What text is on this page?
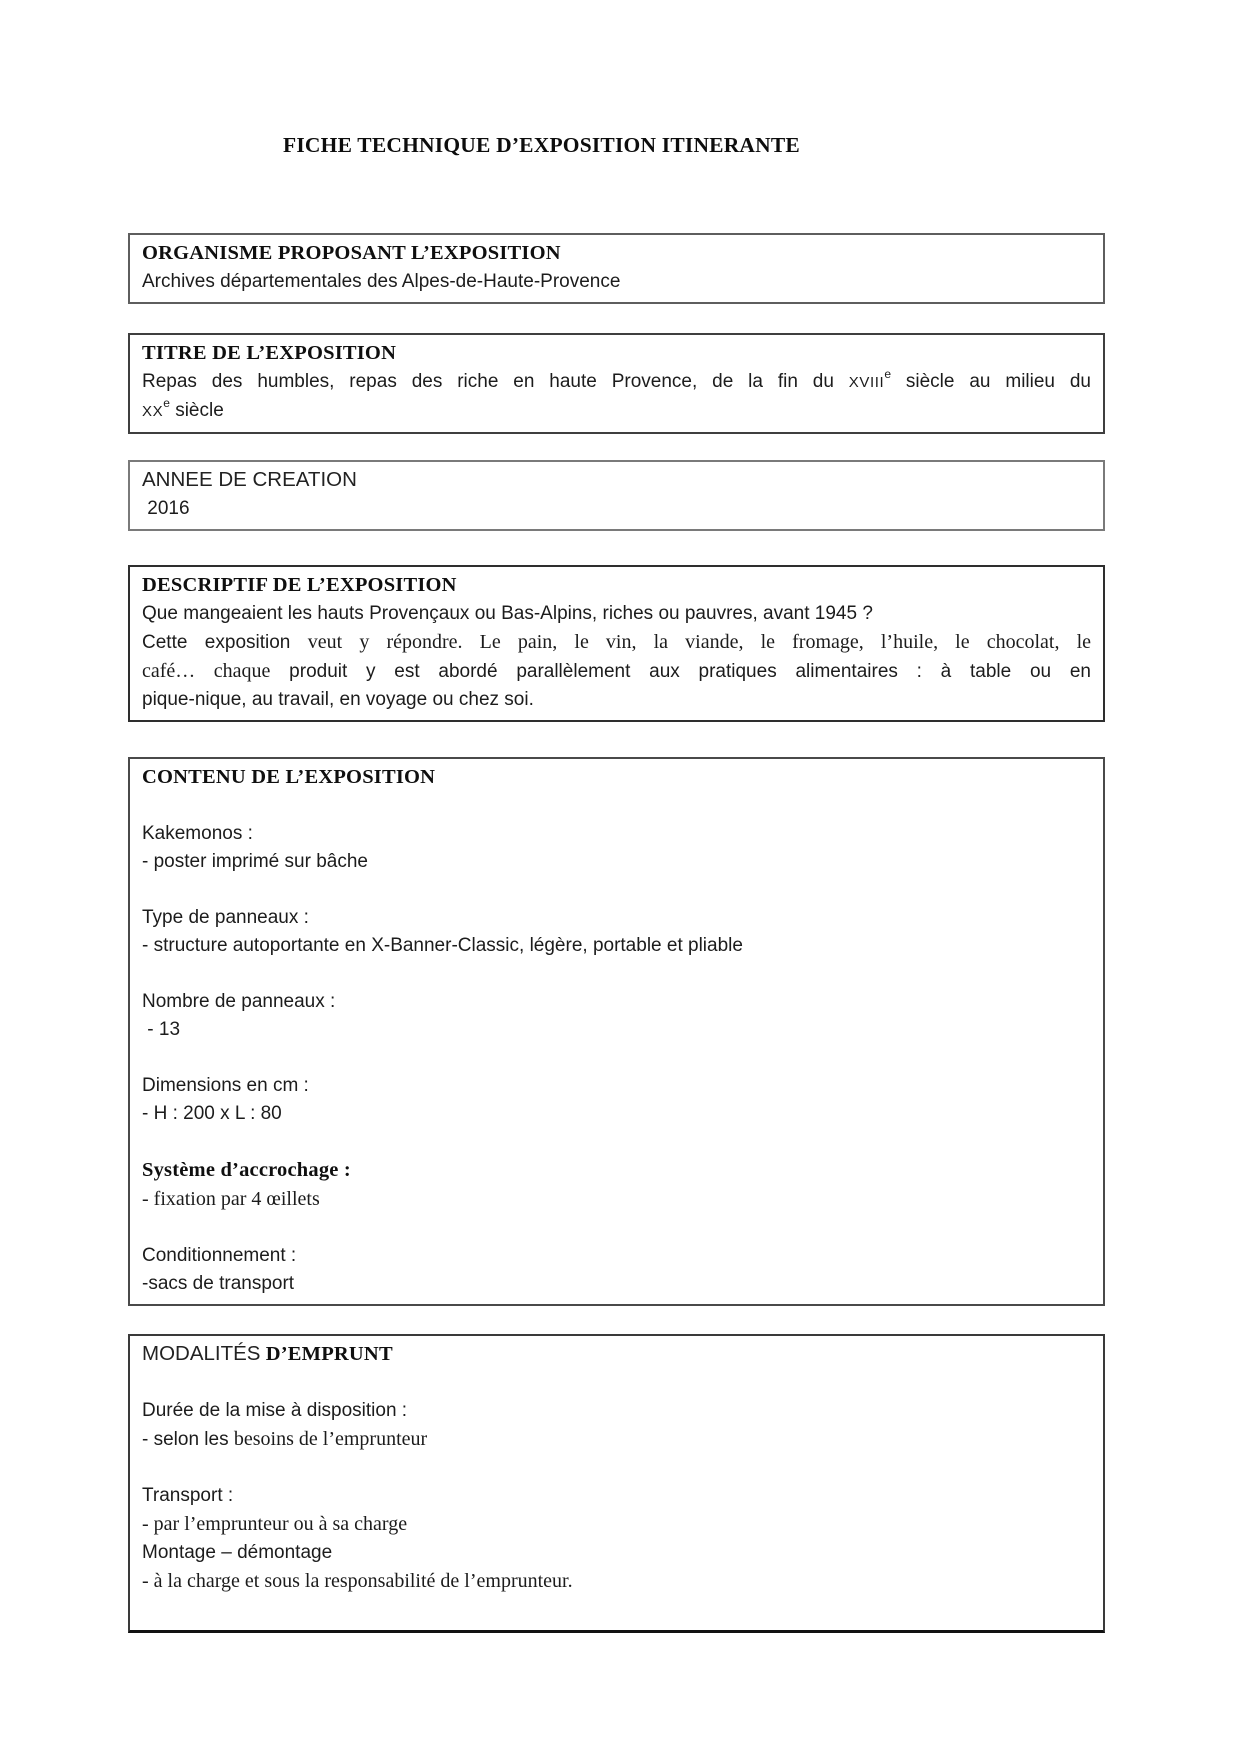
FICHE TECHNIQUE D’EXPOSITION ITINERANTE
ORGANISME PROPOSANT L’EXPOSITION
Archives départementales des Alpes-de-Haute-Provence
TITRE DE L’EXPOSITION
Repas des humbles, repas des riche en haute Provence, de la fin du XVIIIe siècle au milieu du
XXe siècle
ANNEE DE CREATION
2016
DESCRIPTIF DE L’EXPOSITION
Que mangeaient les hauts Provençaux ou Bas-Alpins, riches ou pauvres, avant 1945 ?
Cette exposition veut y répondre. Le pain, le vin, la viande, le fromage, l’huile, le chocolat, le
café… chaque produit y est abordé parallèlement aux pratiques alimentaires : à table ou en
pique-nique, au travail, en voyage ou chez soi.
CONTENU DE L’EXPOSITION
Kakemonos :
- poster imprimé sur bâche
Type de panneaux :
- structure autoportante en X-Banner-Classic, légère, portable et pliable
Nombre de panneaux :
- 13
Dimensions en cm :
- H : 200 x L : 80
Système d’accrochage :
- fixation par 4 œillets
Conditionnement :
-sacs de transport
MODALITÉS D’EMPRUNT
Durée de la mise à disposition :
- selon les besoins de l’emprunteur
Transport :
- par l’emprunteur ou à sa charge
Montage – démontage
- à la charge et sous la responsabilité de l’emprunteur.
